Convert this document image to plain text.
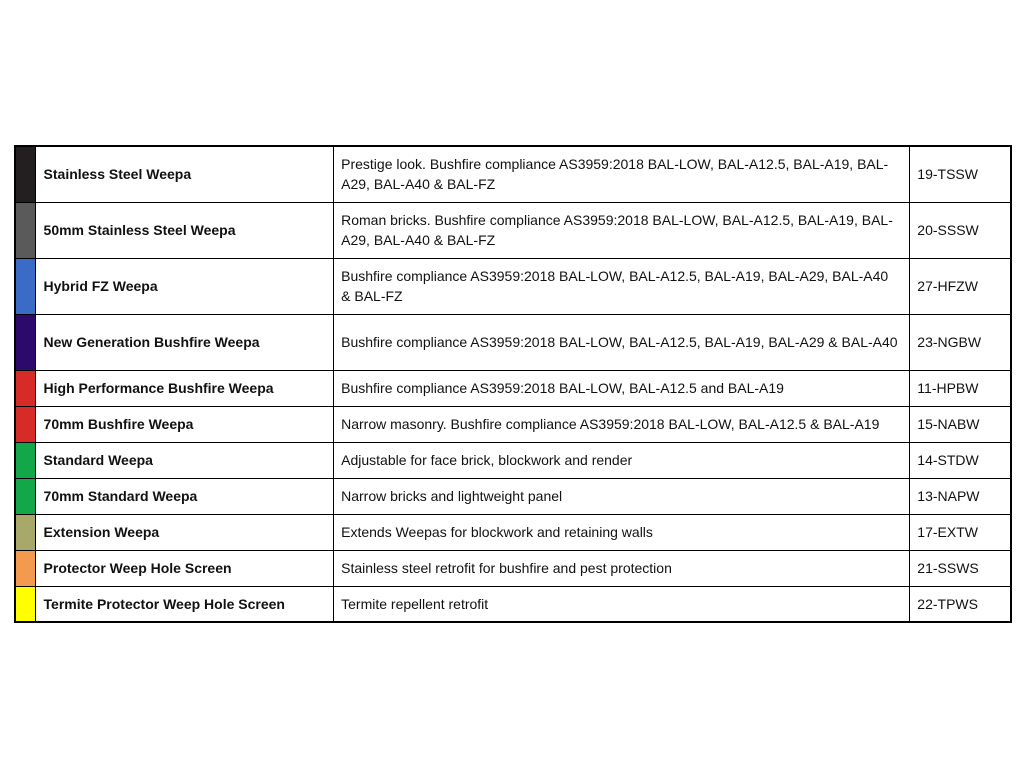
	Stainless Steel Weepa	Prestige look. Bushfire compliance AS3959:2018 BAL-LOW, BAL-A12.5, BAL-A19, BAL-A29, BAL-A40 & BAL-FZ	19-TSSW
	50mm Stainless Steel Weepa	Roman bricks. Bushfire compliance AS3959:2018 BAL-LOW, BAL-A12.5, BAL-A19, BAL-A29, BAL-A40 & BAL-FZ	20-SSSW
	Hybrid FZ Weepa	Bushfire compliance AS3959:2018 BAL-LOW, BAL-A12.5, BAL-A19, BAL-A29, BAL-A40 & BAL-FZ	27-HFZW
	New Generation Bushfire Weepa	Bushfire compliance AS3959:2018 BAL-LOW, BAL-A12.5, BAL-A19, BAL-A29 & BAL-A40	23-NGBW
	High Performance Bushfire Weepa	Bushfire compliance AS3959:2018 BAL-LOW, BAL-A12.5 and BAL-A19	11-HPBW
	70mm Bushfire Weepa	Narrow masonry. Bushfire compliance AS3959:2018 BAL-LOW, BAL-A12.5 & BAL-A19	15-NABW
	Standard Weepa	Adjustable for face brick, blockwork and render	14-STDW
	70mm Standard Weepa	Narrow bricks and lightweight panel	13-NAPW
	Extension Weepa	Extends Weepas for blockwork and retaining walls	17-EXTW
	Protector Weep Hole Screen	Stainless steel retrofit for bushfire and pest protection	21-SSWS
	Termite Protector Weep Hole Screen	Termite repellent retrofit	22-TPWS
